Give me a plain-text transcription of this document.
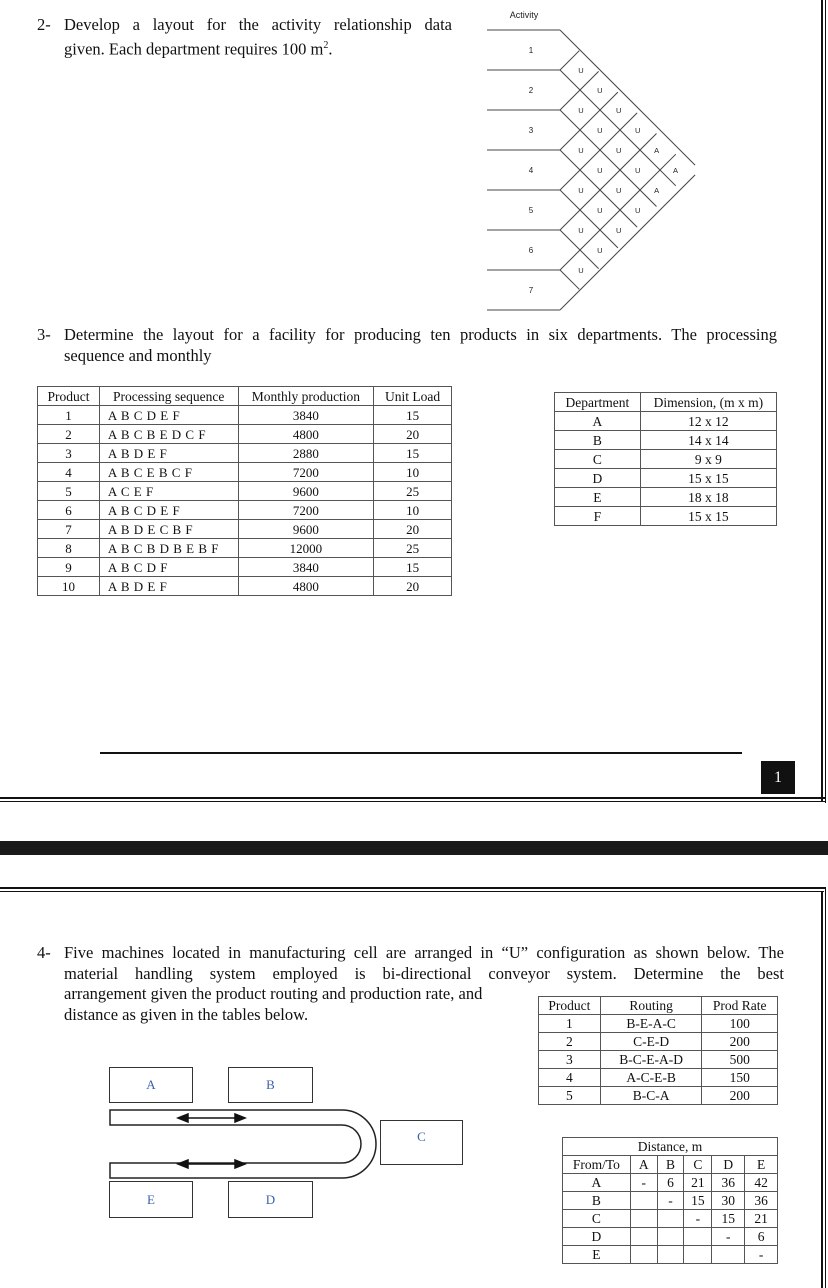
2- Develop a layout for the activity relationship data
given. Each department requires 100 $m^2$.
Activity
1
2
3
4
5
6
7
U
U
U
U
U
U
U
U
U
U
U
U
U
U
U
U
U
U
A
A
A
3- Determine the layout for a facility for producing ten products in six departments. The processing
sequence and monthly
Product	Processing sequence	Monthly production	Unit Load
1	A B C D E F	3840	15
2	A B C B E D C F	4800	20
3	A B D E F	2880	15
4	A B C E B C F	7200	10
5	A C E F	9600	25
6	A B C D E F	7200	10
7	A B D E C B F	9600	20
8	A B C B D B E B F	12000	25
9	A B C D F	3840	15
10	A B D E F	4800	20
Department	Dimension, (m x m)
A	12 x 12
B	14 x 14
C	9 x 9
D	15 x 15
E	18 x 18
F	15 x 15
1
4- Five machines located in manufacturing cell are arranged in “U” configuration as shown below. The
material handling system employed is bi-directional conveyor system. Determine the best
arrangement given the product routing and production rate, and
distance as given in the tables below.
A	B
C
E	D
Product	Routing	Prod Rate
1	B-E-A-C	100
2	C-E-D	200
3	B-C-E-A-D	500
4	A-C-E-B	150
5	B-C-A	200
Distance, m					
From/To	A	B	C	D	E
A	-	6	21	36	42
B		-	15	30	36
C			-	15	21
D				-	6
E					-
